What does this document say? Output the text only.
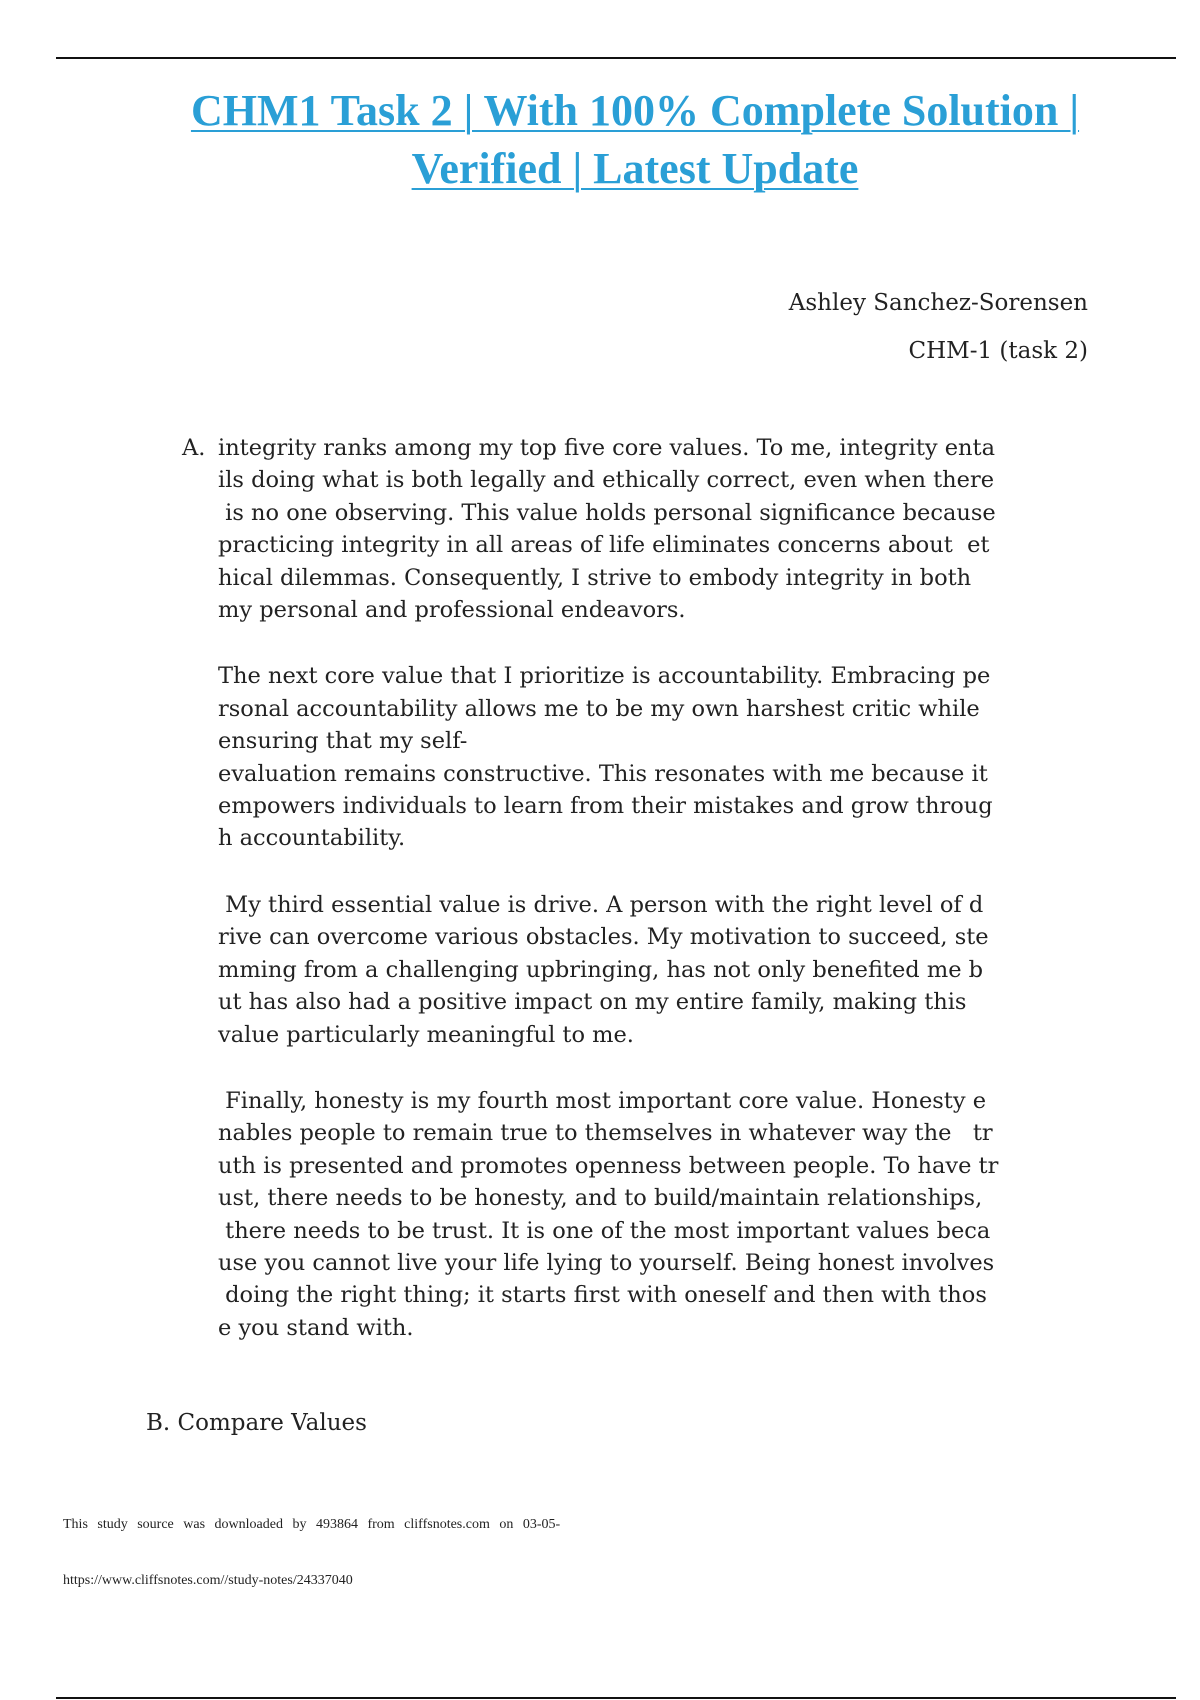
CHM1 Task 2 | With 100% Complete Solution |
Verified | Latest Update

Ashley Sanchez-Sorensen

CHM-1 (task 2)

A. integrity ranks among my top five core values. To me, integrity enta
ils doing what is both legally and ethically correct, even when there
is no one observing. This value holds personal significance because
practicing integrity in all areas of life eliminates concerns about  et
hical dilemmas. Consequently, I strive to embody integrity in both
my personal and professional endeavors.

The next core value that I prioritize is accountability. Embracing pe
rsonal accountability allows me to be my own harshest critic while
ensuring that my self-
evaluation remains constructive. This resonates with me because it
empowers individuals to learn from their mistakes and grow throug
h accountability.

My third essential value is drive. A person with the right level of d
rive can overcome various obstacles. My motivation to succeed, ste
mming from a challenging upbringing, has not only benefited me b
ut has also had a positive impact on my entire family, making this
value particularly meaningful to me.

Finally, honesty is my fourth most important core value. Honesty e
nables people to remain true to themselves in whatever way the   tr
uth is presented and promotes openness between people. To have tr
ust, there needs to be honesty, and to build/maintain relationships,
there needs to be trust. It is one of the most important values beca
use you cannot live your life lying to yourself. Being honest involves
doing the right thing; it starts first with oneself and then with thos
e you stand with.

B. Compare Values

This study source was downloaded by 493864 from cliffsnotes.com on 03-05-

https://www.cliffsnotes.com//study-notes/24337040
